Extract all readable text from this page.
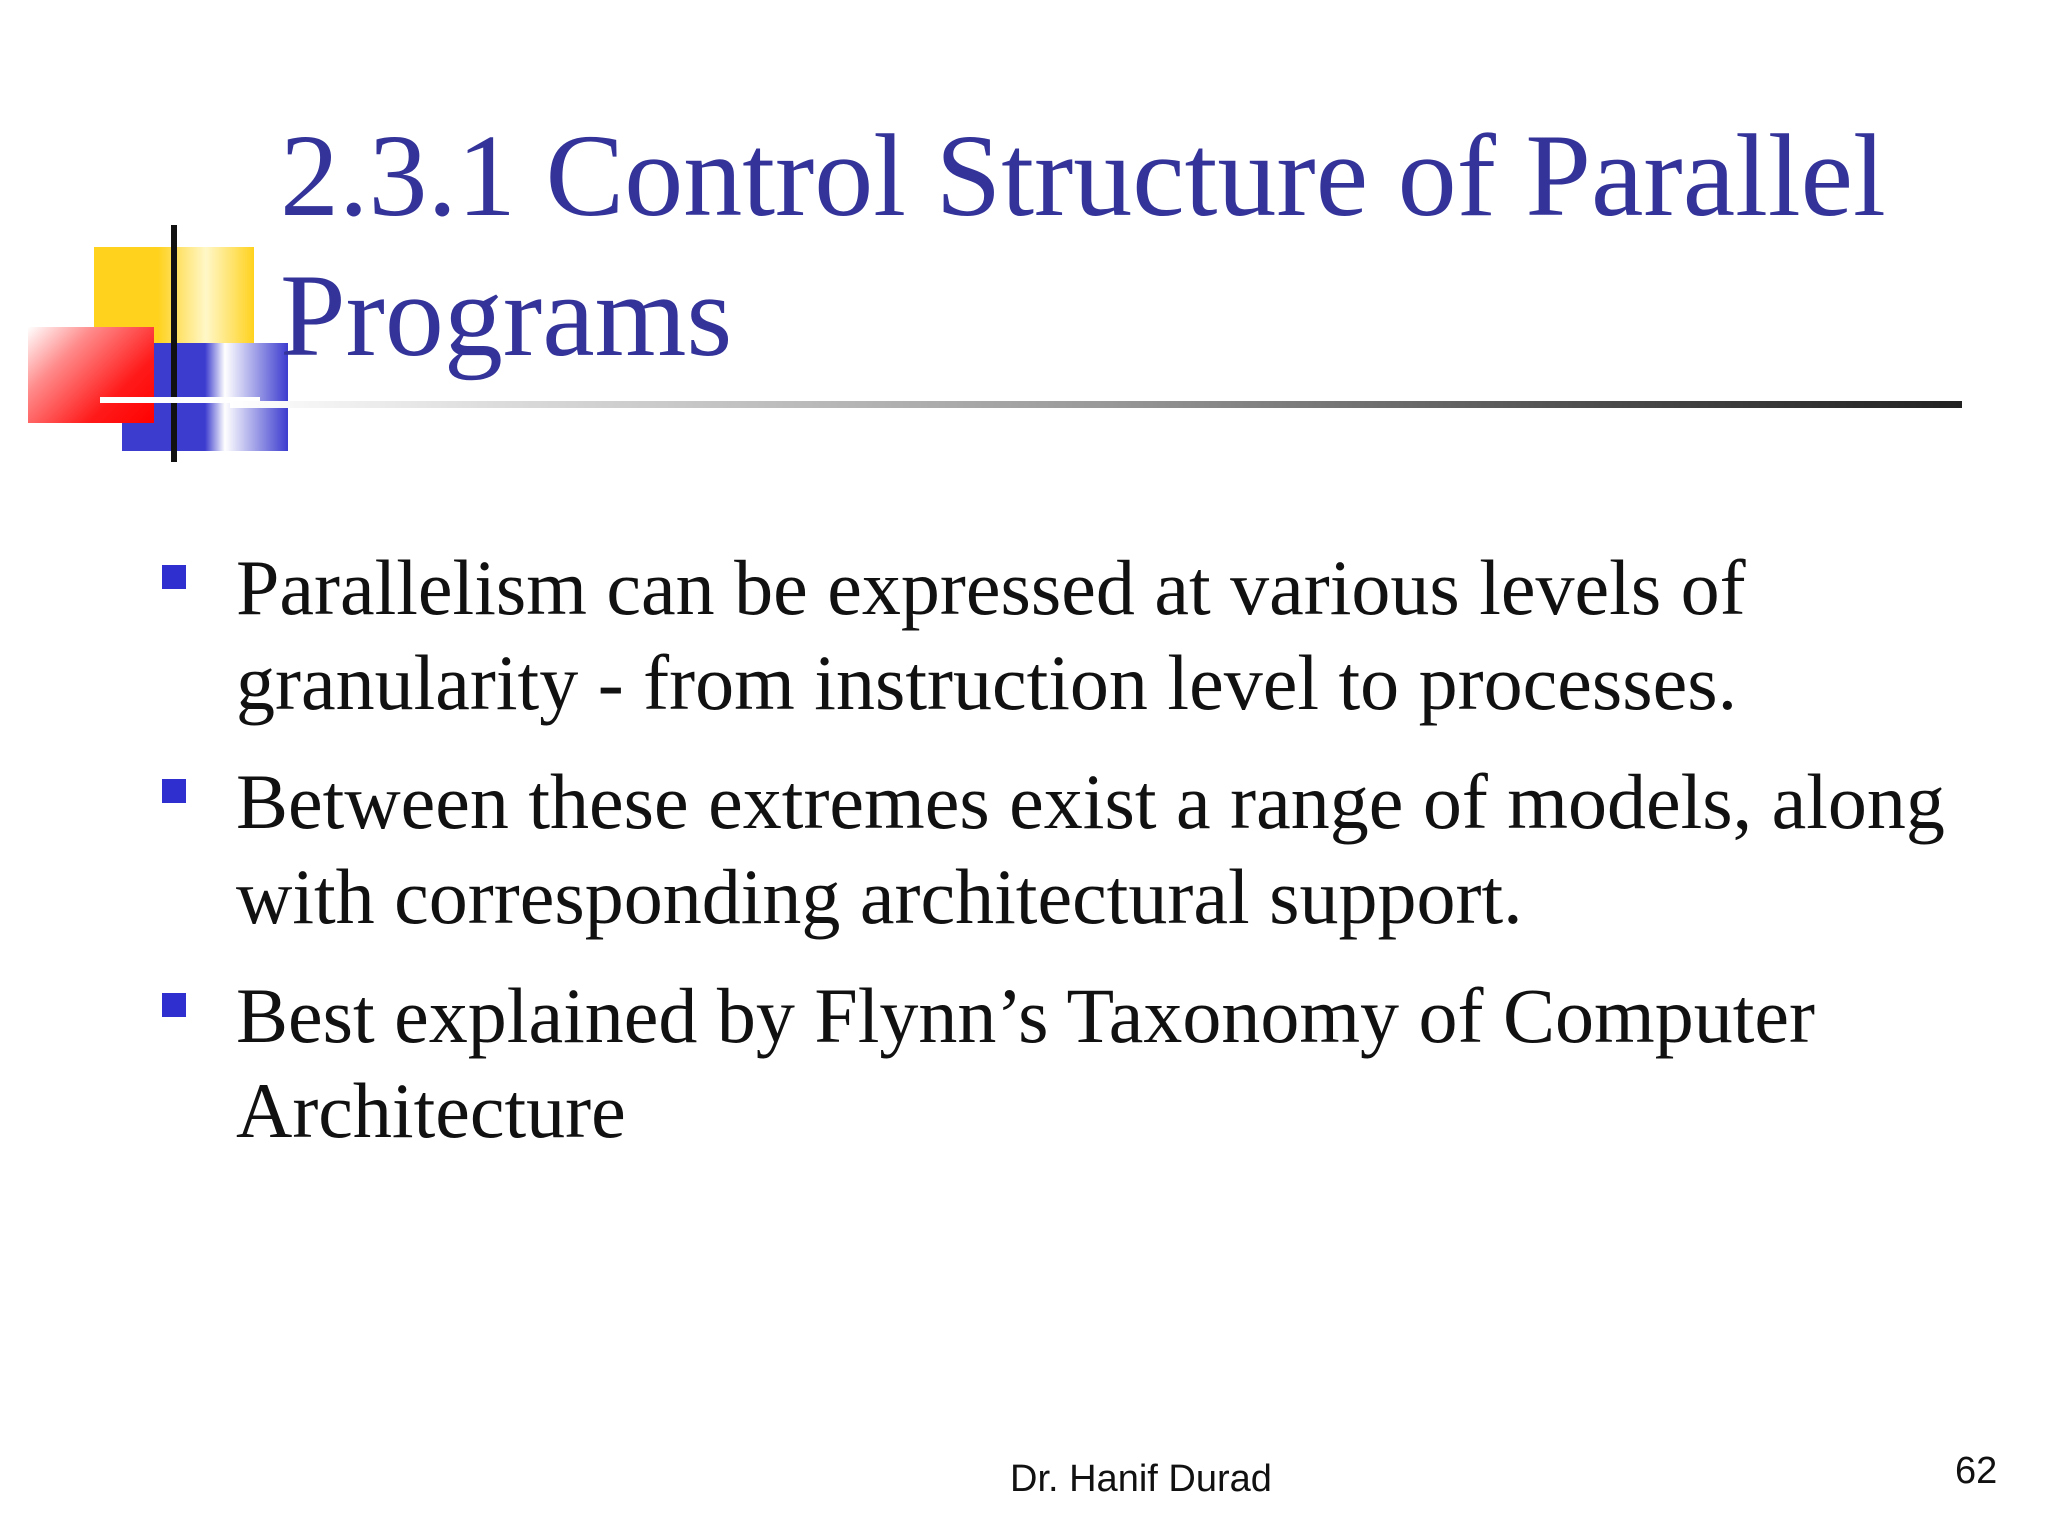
2.3.1 Control Structure of Parallel Programs
Parallelism can be expressed at various levels of granularity - from instruction level to processes.
Between these extremes exist a range of models, along with corresponding architectural support.
Best explained by Flynn’s Taxonomy of Computer Architecture
Dr. Hanif Durad	62
